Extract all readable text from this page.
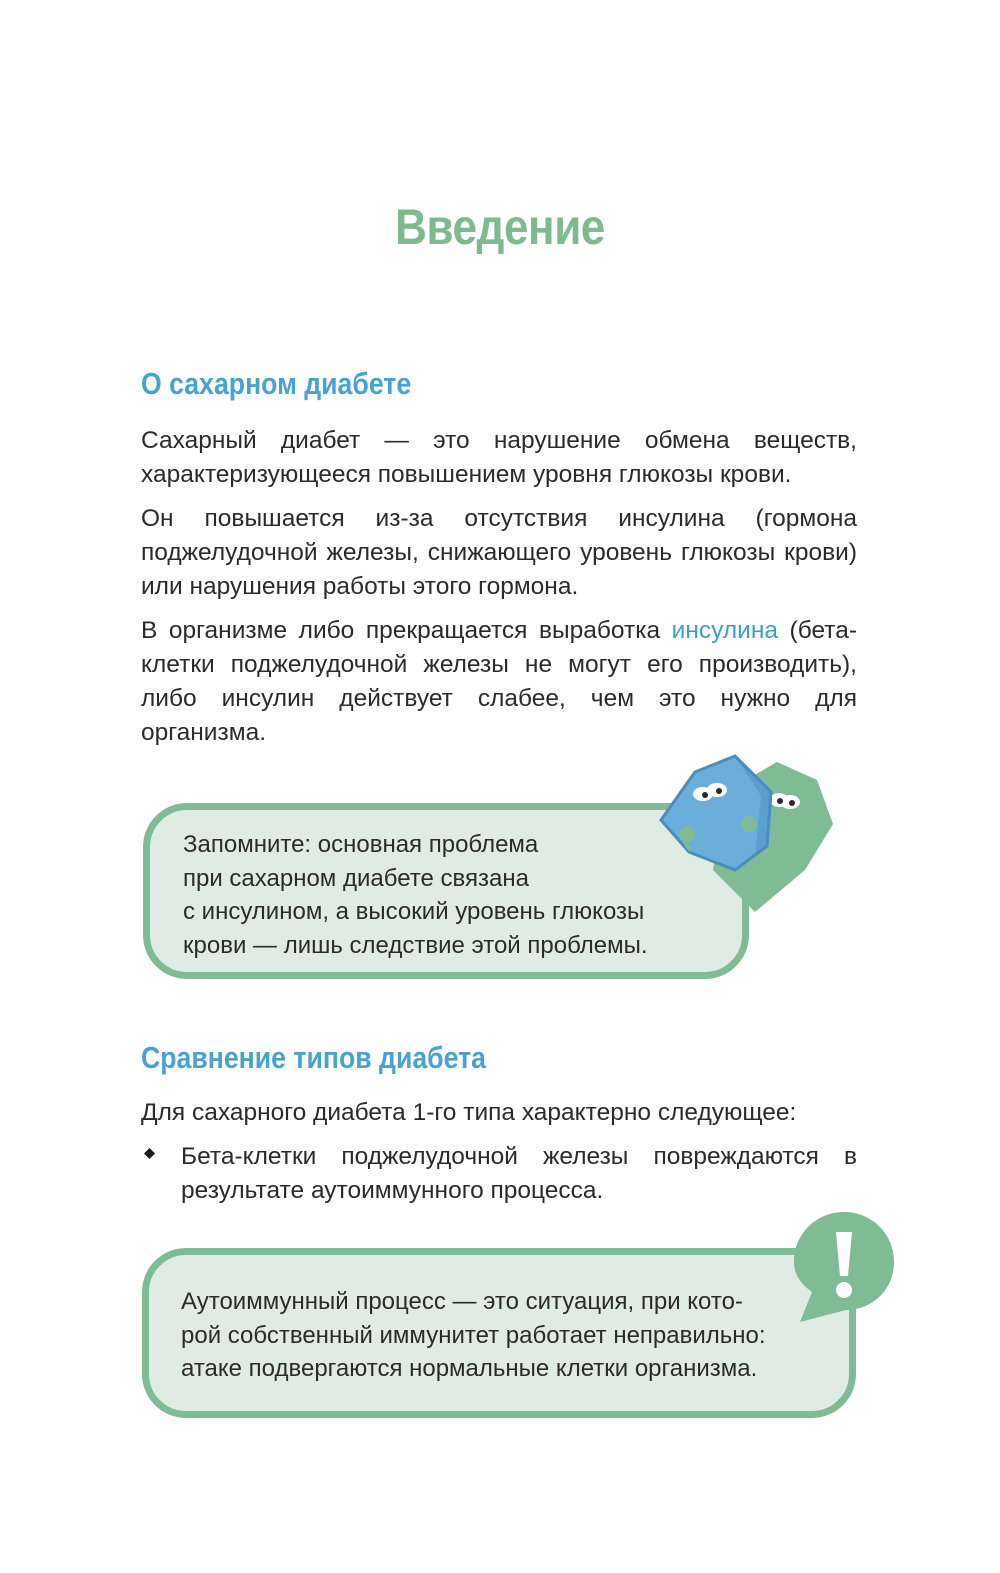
Введение
О сахарном диабете
Сахарный диабет — это нарушение обмена веществ, характеризующееся повышением уровня глюкозы крови.
Он повышается из-за отсутствия инсулина (гормона поджелудочной железы, снижающего уровень глюкозы крови) или нарушения работы этого гормона.
В организме либо прекращается выработка инсулина (бета-клетки поджелудочной железы не могут его производить), либо инсулин действует слабее, чем это нужно для организма.
Запомните: основная проблема
при сахарном диабете связана
с инсулином, а высокий уровень глюкозы
крови — лишь следствие этой проблемы.
Сравнение типов диабета
Для сахарного диабета 1-го типа характерно следующее:
Бета-клетки поджелудочной железы повреждаются в результате аутоиммунного процесса.
Аутоиммунный процесс — это ситуация, при кото-
рой собственный иммунитет работает неправильно:
атаке подвергаются нормальные клетки организма.
